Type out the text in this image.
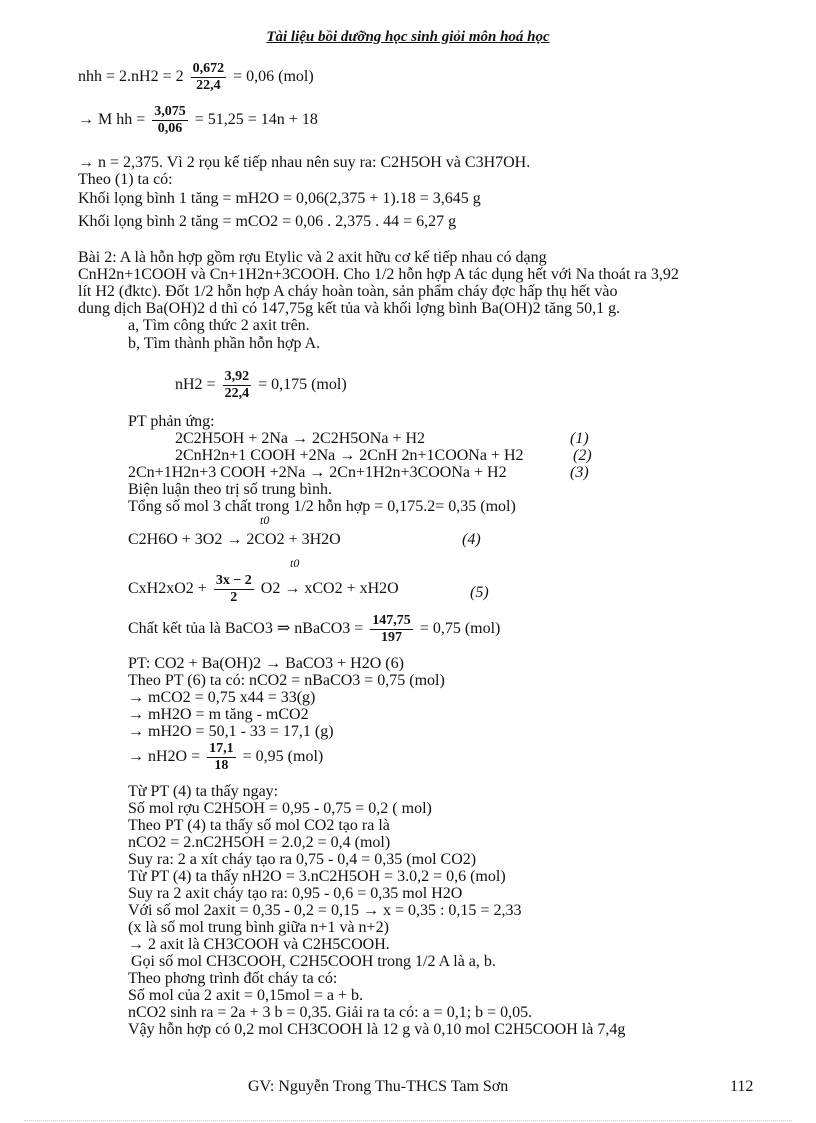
Tài liệu bồi dưỡng học sinh giỏi môn hoá học
nhh = $2.nH2 = 2 \frac{0,672}{22,4} = 0,06$ (mol)
→ M hh = $\frac{3,075}{0,06} = 51,25 = 14n + 18$
→ n = 2,375. Vì 2 rọu kế tiếp nhau nên suy ra: C2H5OH và C3H7OH.
Theo (1) ta có:
Khối lọng bình 1 tăng = mH2O = 0,06(2,375 + 1).18 = 3,645 g
Khối lọng bình 2 tăng = mCO2 = 0,06 . 2,375 . 44 = 6,27 g
Bài 2: A là hỗn hợp gồm rợu Etylic và 2 axit hữu cơ kế tiếp nhau có dạng
CnH2n+1COOH và Cn+1H2n+3COOH. Cho 1/2 hỗn hợp A tác dụng hết với Na thoát ra 3,92
lít H2 (đktc). Đốt 1/2 hỗn hợp A cháy hoàn toàn, sản phẩm cháy đợc hấp thụ hết vào
dung dịch Ba(OH)2 d thì có 147,75g kết tủa và khối lợng bình Ba(OH)2 tăng 50,1 g.
a, Tìm công thức 2 axit trên.
b, Tìm thành phần hỗn hợp A.
$nH2 = \frac{3,92}{22,4} = 0,175$ (mol)
PT phản ứng:
2C2H5OH + 2Na → 2C2H5ONa + H2	(1)
2CnH2n+1 COOH +2Na → 2CnH 2n+1COONa + H2	(2)
2Cn+1H2n+3 COOH +2Na → 2Cn+1H2n+3COONa + H2	(3)
Biện luận theo trị số trung bình.
Tổng số mol 3 chất trong 1/2 hỗn hợp = 0,175.2= 0,35 (mol)
t0
C2H6O + 3O2 → 2CO2 + 3H2O	(4)
t0
$CxH2xO2 + \frac{3x - 2}{2} O2 \to xCO2 + xH2O$	(5)
Chất kết tủa là BaCO3 ⇒ nBaCO3 = $\frac{147,75}{197} = 0,75$ (mol)
PT: CO2 + Ba(OH)2 → BaCO3 + H2O (6)
Theo PT (6) ta có: nCO2 = nBaCO3 = 0,75 (mol)
→ mCO2 = 0,75 x44 = 33(g)
→ mH2O = m tăng - mCO2
→ mH2O = 50,1 - 33 = 17,1 (g)
→ $nH2O = \frac{17,1}{18} = 0,95$ (mol)
Từ PT (4) ta thấy ngay:
Số mol rợu C2H5OH = 0,95 - 0,75 = 0,2 ( mol)
Theo PT (4) ta thấy số mol CO2 tạo ra là
nCO2 = 2.nC2H5OH = 2.0,2 = 0,4 (mol)
Suy ra: 2 a xít cháy tạo ra 0,75 - 0,4 = 0,35 (mol CO2)
Từ PT (4) ta thấy nH2O = 3.nC2H5OH = 3.0,2 = 0,6 (mol)
Suy ra 2 axit cháy tạo ra: 0,95 - 0,6 = 0,35 mol H2O
Với số mol 2axit = 0,35 - 0,2 = 0,15 → x = 0,35 : 0,15 = 2,33
(x là số mol trung bình giữa n+1 và n+2)
→ 2 axit là CH3COOH và C2H5COOH.
Gọi số mol CH3COOH, C2H5COOH trong 1/2 A là a, b.
Theo phơng trình đốt cháy ta có:
Số mol của 2 axit = 0,15mol = a + b.
nCO2 sinh ra = 2a + 3 b = 0,35. Giải ra ta có: a = 0,1; b = 0,05.
Vậy hỗn hợp có 0,2 mol CH3COOH là 12 g và 0,10 mol C2H5COOH là 7,4g
GV: Nguyễn Trong Thu-THCS Tam Sơn	112
